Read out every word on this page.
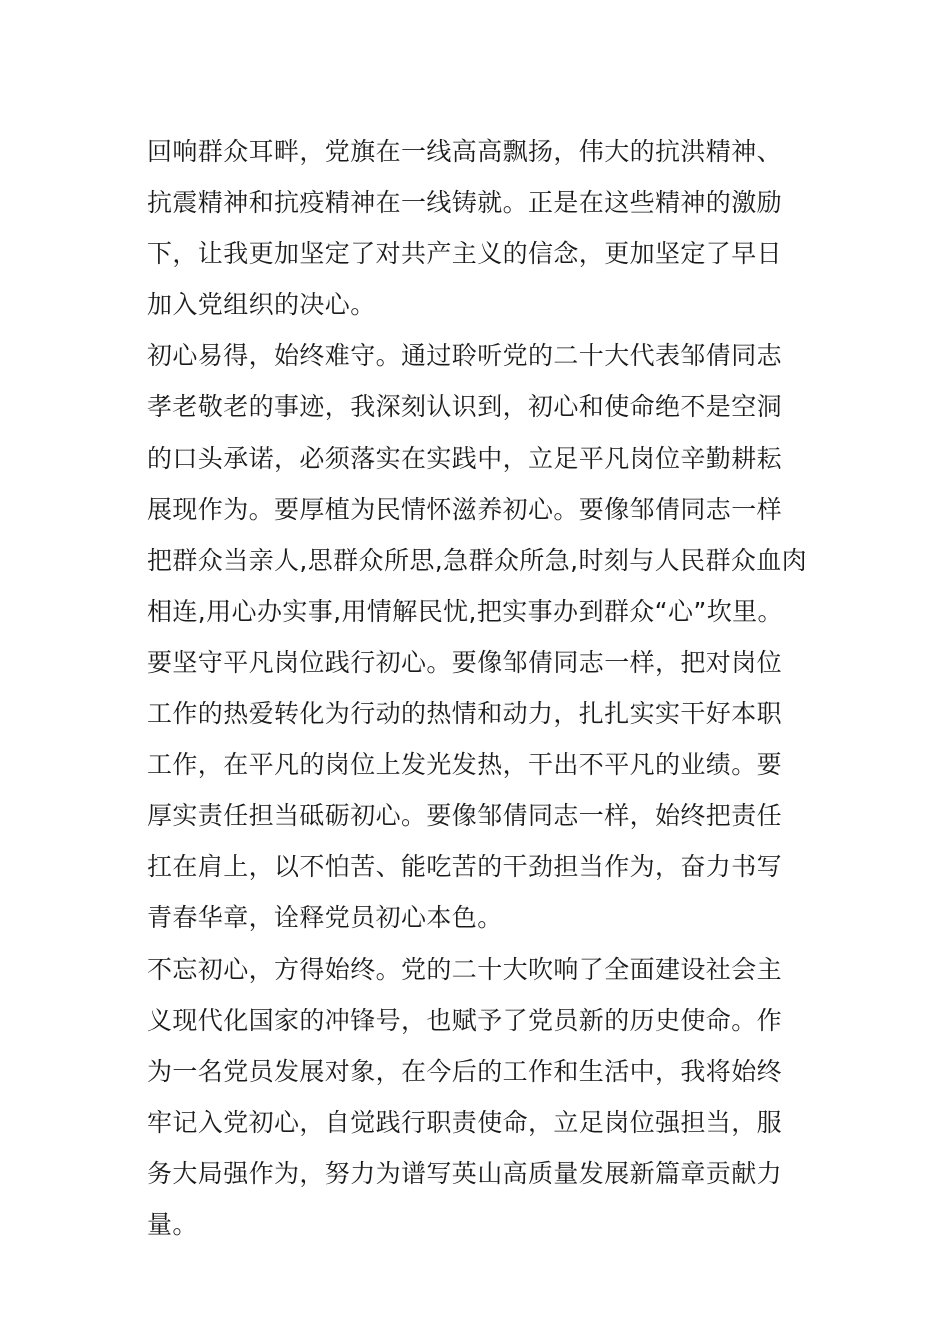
回响群众耳畔，党旗在一线高高飘扬，伟大的抗洪精神、
抗震精神和抗疫精神在一线铸就。正是在这些精神的激励
下，让我更加坚定了对共产主义的信念，更加坚定了早日
加入党组织的决心。
初心易得，始终难守。通过聆听党的二十大代表邹倩同志
孝老敬老的事迹，我深刻认识到，初心和使命绝不是空洞
的口头承诺，必须落实在实践中，立足平凡岗位辛勤耕耘
展现作为。要厚植为民情怀滋养初心。要像邹倩同志一样
把群众当亲人,思群众所思,急群众所急,时刻与人民群众血肉
相连,用心办实事,用情解民忧,把实事办到群众“心”坎里。
要坚守平凡岗位践行初心。要像邹倩同志一样，把对岗位
工作的热爱转化为行动的热情和动力，扎扎实实干好本职
工作，在平凡的岗位上发光发热，干出不平凡的业绩。要
厚实责任担当砥砺初心。要像邹倩同志一样，始终把责任
扛在肩上，以不怕苦、能吃苦的干劲担当作为，奋力书写
青春华章，诠释党员初心本色。
不忘初心，方得始终。党的二十大吹响了全面建设社会主
义现代化国家的冲锋号，也赋予了党员新的历史使命。作
为一名党员发展对象，在今后的工作和生活中，我将始终
牢记入党初心，自觉践行职责使命，立足岗位强担当，服
务大局强作为，努力为谱写英山高质量发展新篇章贡献力
量。
